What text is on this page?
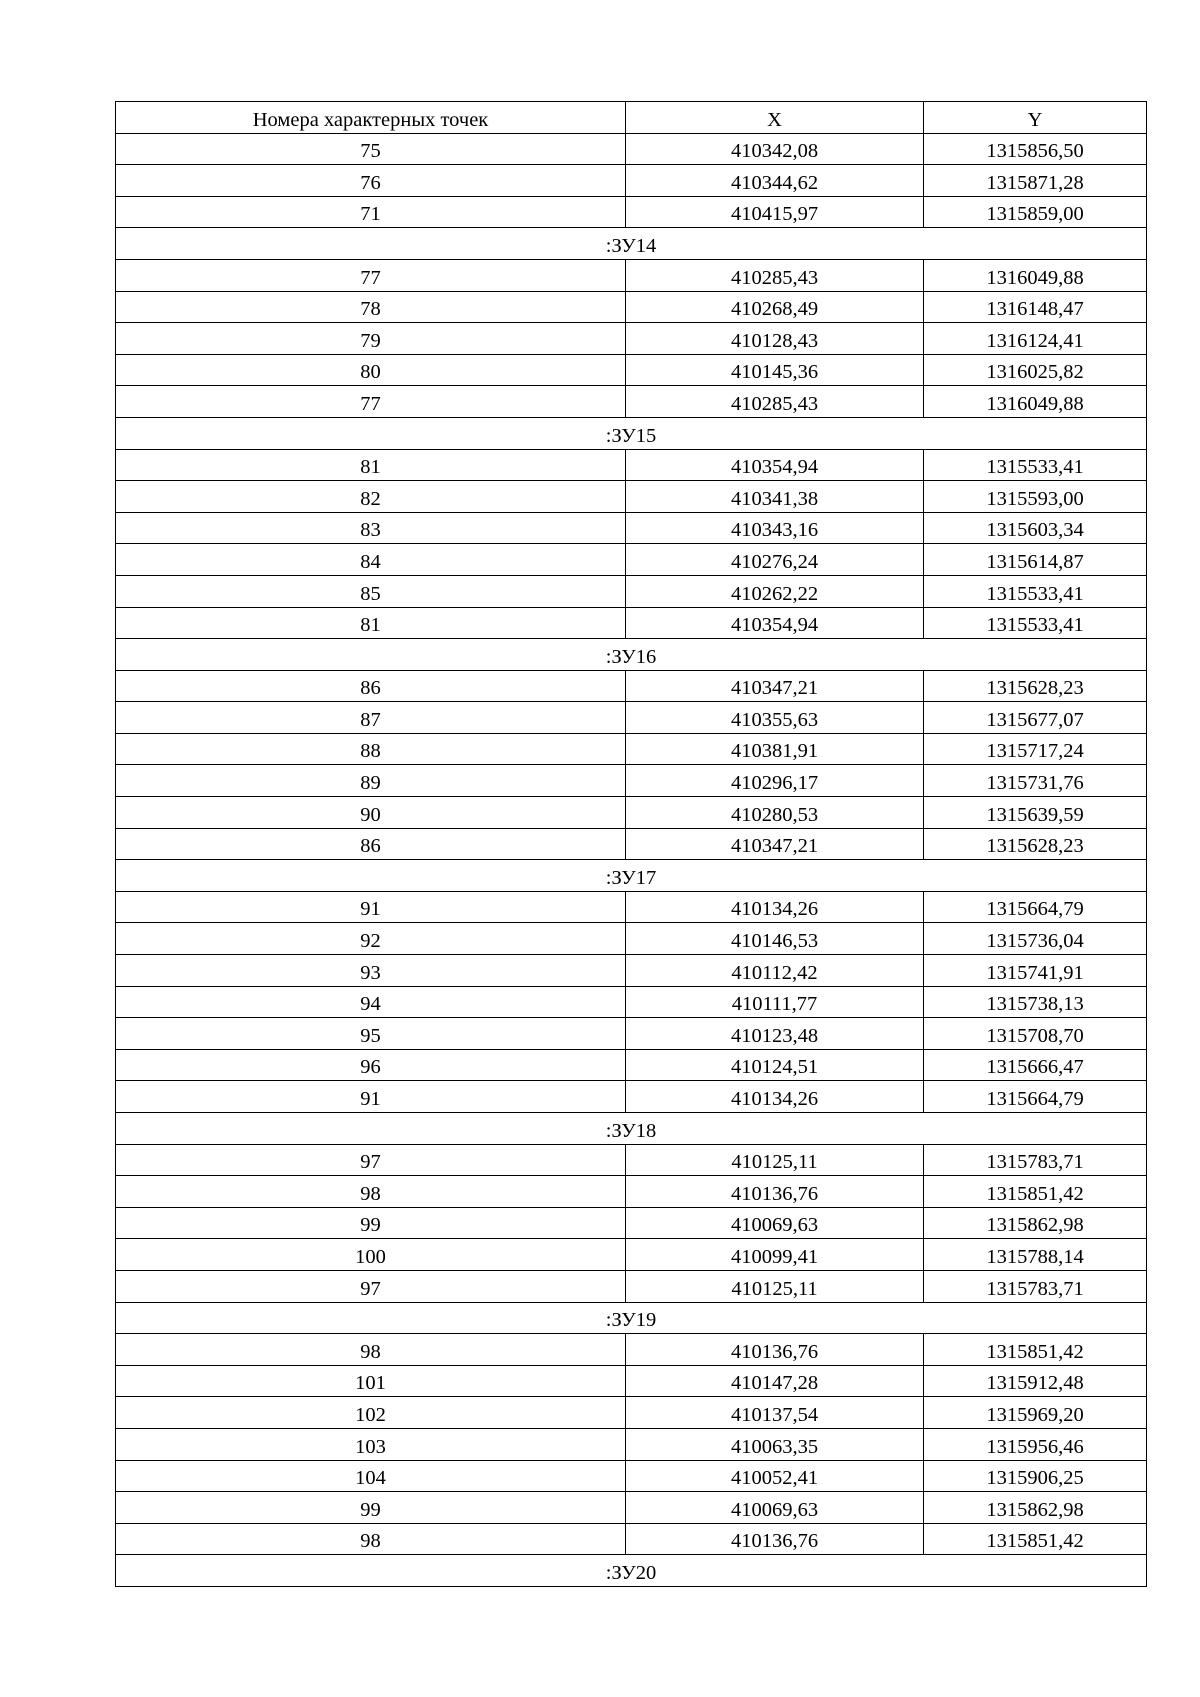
Номера характерных точек	X	Y
75	410342,08	1315856,50
76	410344,62	1315871,28
71	410415,97	1315859,00
:ЗУ14		
77	410285,43	1316049,88
78	410268,49	1316148,47
79	410128,43	1316124,41
80	410145,36	1316025,82
77	410285,43	1316049,88
:ЗУ15		
81	410354,94	1315533,41
82	410341,38	1315593,00
83	410343,16	1315603,34
84	410276,24	1315614,87
85	410262,22	1315533,41
81	410354,94	1315533,41
:ЗУ16		
86	410347,21	1315628,23
87	410355,63	1315677,07
88	410381,91	1315717,24
89	410296,17	1315731,76
90	410280,53	1315639,59
86	410347,21	1315628,23
:ЗУ17		
91	410134,26	1315664,79
92	410146,53	1315736,04
93	410112,42	1315741,91
94	410111,77	1315738,13
95	410123,48	1315708,70
96	410124,51	1315666,47
91	410134,26	1315664,79
:ЗУ18		
97	410125,11	1315783,71
98	410136,76	1315851,42
99	410069,63	1315862,98
100	410099,41	1315788,14
97	410125,11	1315783,71
:ЗУ19		
98	410136,76	1315851,42
101	410147,28	1315912,48
102	410137,54	1315969,20
103	410063,35	1315956,46
104	410052,41	1315906,25
99	410069,63	1315862,98
98	410136,76	1315851,42
:ЗУ20		
